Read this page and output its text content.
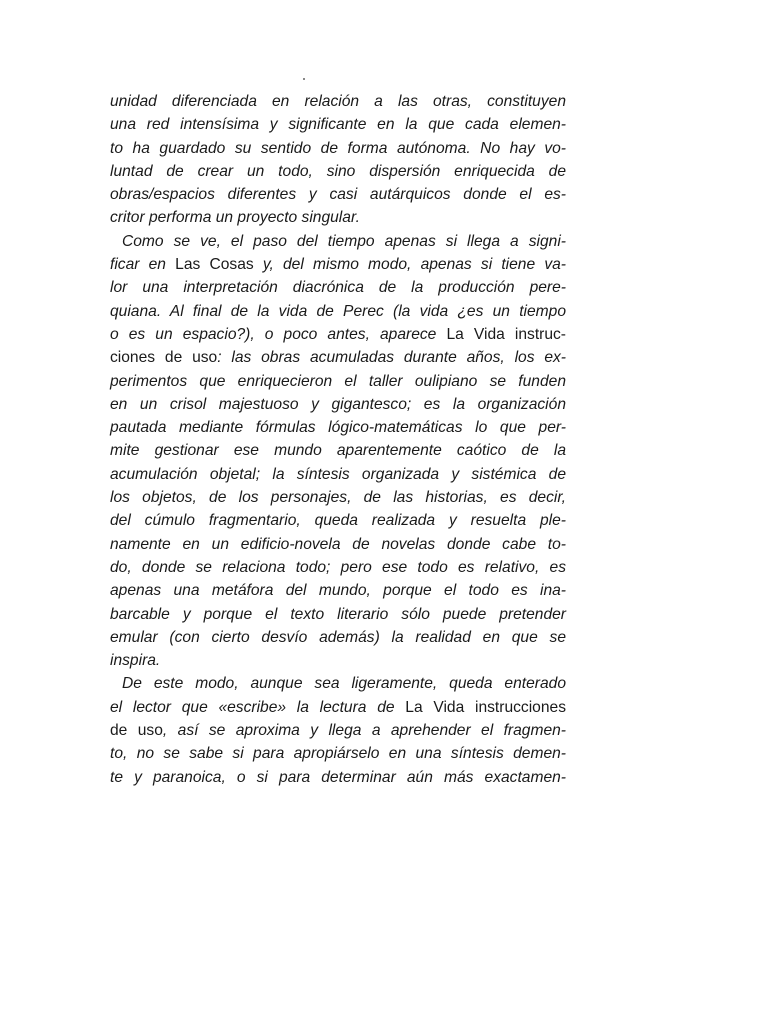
unidad diferenciada en relación a las otras, constituyen
una red intensísima y significante en la que cada elemen-
to ha guardado su sentido de forma autónoma. No hay vo-
luntad de crear un todo, sino dispersión enriquecida de
obras/espacios diferentes y casi autárquicos donde el es-
critor performa un proyecto singular.
Como se ve, el paso del tiempo apenas si llega a signi-
ficar en Las Cosas y, del mismo modo, apenas si tiene va-
lor una interpretación diacrónica de la producción pere-
quiana. Al final de la vida de Perec (la vida ¿es un tiempo
o es un espacio?), o poco antes, aparece La Vida instruc-
ciones de uso: las obras acumuladas durante años, los ex-
perimentos que enriquecieron el taller oulipiano se funden
en un crisol majestuoso y gigantesco; es la organización
pautada mediante fórmulas lógico-matemáticas lo que per-
mite gestionar ese mundo aparentemente caótico de la
acumulación objetal; la síntesis organizada y sistémica de
los objetos, de los personajes, de las historias, es decir,
del cúmulo fragmentario, queda realizada y resuelta ple-
namente en un edificio-novela de novelas donde cabe to-
do, donde se relaciona todo; pero ese todo es relativo, es
apenas una metáfora del mundo, porque el todo es ina-
barcable y porque el texto literario sólo puede pretender
emular (con cierto desvío además) la realidad en que se
inspira.
De este modo, aunque sea ligeramente, queda enterado
el lector que «escribe» la lectura de La Vida instrucciones
de uso, así se aproxima y llega a aprehender el fragmen-
to, no se sabe si para apropiárselo en una síntesis demen-
te y paranoica, o si para determinar aún más exactamen-
